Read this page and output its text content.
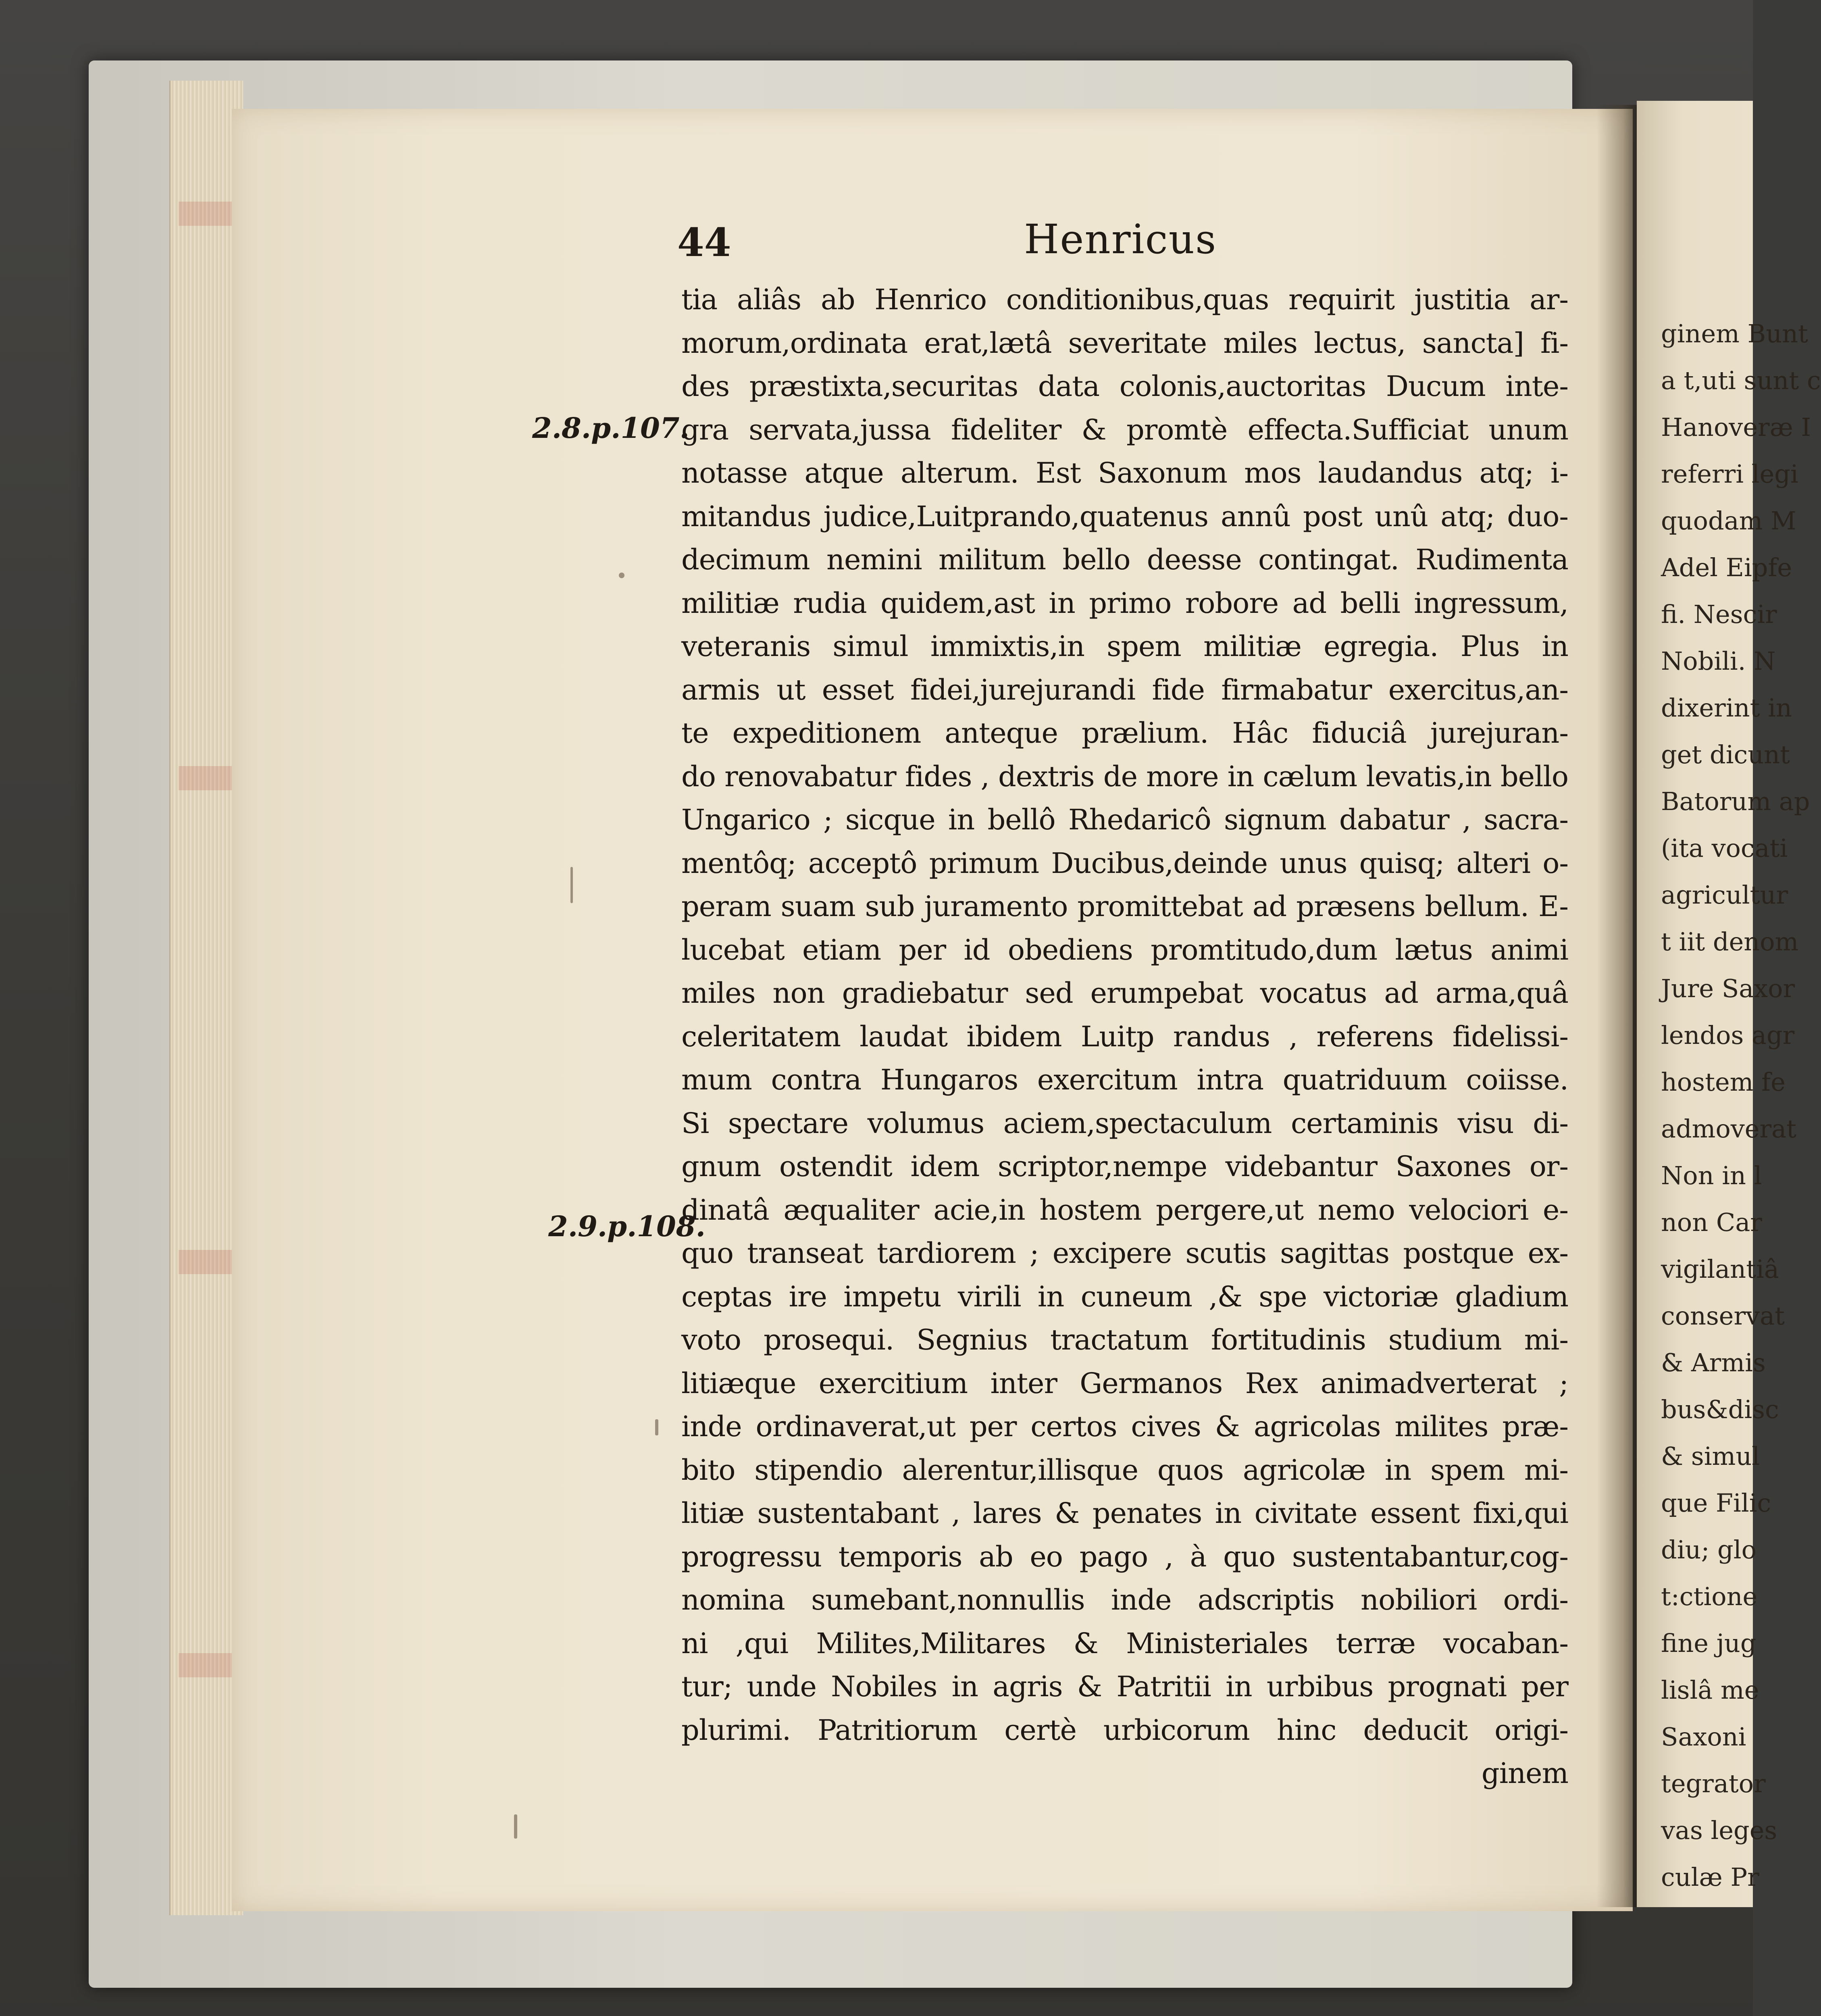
ginem Bunt
a t,uti sunt c
Hanoveræ I
referri legi
quodam M
Adel Eipfe
fi. Nescir
Nobili. N
dixerint in
get dicunt
Batorum ap
(ita vocati
agricultur
t iit denom
Jure Saxor
lendos agr
hostem fe
admoverat
Non in l
non Car
vigilantiâ
conservat
& Armis
bus&disc
& simul
que Filic
diu; glo
t:ctione
fine jug
lislâ me
Saxoni
tegrator
vas leges
culæ Pr
44	Henricus
2.8.p.107.
2.9.p.108.
tia aliâs ab Henrico conditionibus,quas requirit justitia ar-
morum,ordinata erat,lætâ severitate miles lectus, sancta] fi-
des præstixta,securitas data colonis,auctoritas Ducum inte-
gra servata,jussa fideliter & promtè effecta.Sufficiat unum
notasse atque alterum. Est Saxonum mos laudandus atq; i-
mitandus judice,Luitprando,quatenus annû post unû atq; duo-
decimum nemini militum bello deesse contingat. Rudimenta
militiæ rudia quidem,ast in primo robore ad belli ingressum,
veteranis simul immixtis,in spem militiæ egregia. Plus in
armis ut esset fidei,jurejurandi fide firmabatur exercitus,an-
te expeditionem anteque prælium. Hâc fiduciâ jurejuran-
do renovabatur fides , dextris de more in cælum levatis,in bello
Ungarico ; sicque in bellô Rhedaricô signum dabatur , sacra-
mentôq; acceptô primum Ducibus,deinde unus quisq; alteri o-
peram suam sub juramento promittebat ad præsens bellum. E-
lucebat etiam per id obediens promtitudo,dum lætus animi
miles non gradiebatur sed erumpebat vocatus ad arma,quâ
celeritatem laudat ibidem Luitp randus , referens fidelissi-
mum contra Hungaros exercitum intra quatriduum coiisse.
Si spectare volumus aciem,spectaculum certaminis visu di-
gnum ostendit idem scriptor,nempe videbantur Saxones or-
dinatâ æqualiter acie,in hostem pergere,ut nemo velociori e-
quo transeat tardiorem ; excipere scutis sagittas postque ex-
ceptas ire impetu virili in cuneum ,& spe victoriæ gladium
voto prosequi. Segnius tractatum fortitudinis studium mi-
litiæque exercitium inter Germanos Rex animadverterat ;
inde ordinaverat,ut per certos cives & agricolas milites præ-
bito stipendio alerentur,illisque quos agricolæ in spem mi-
litiæ sustentabant , lares & penates in civitate essent fixi,qui
progressu temporis ab eo pago , à quo sustentabantur,cog-
nomina sumebant,nonnullis inde adscriptis nobiliori ordi-
ni ,qui Milites,Militares & Ministeriales terræ vocaban-
tur; unde Nobiles in agris & Patritii in urbibus prognati per
plurimi. Patritiorum certè urbicorum hinc deducit origi-
ginem
